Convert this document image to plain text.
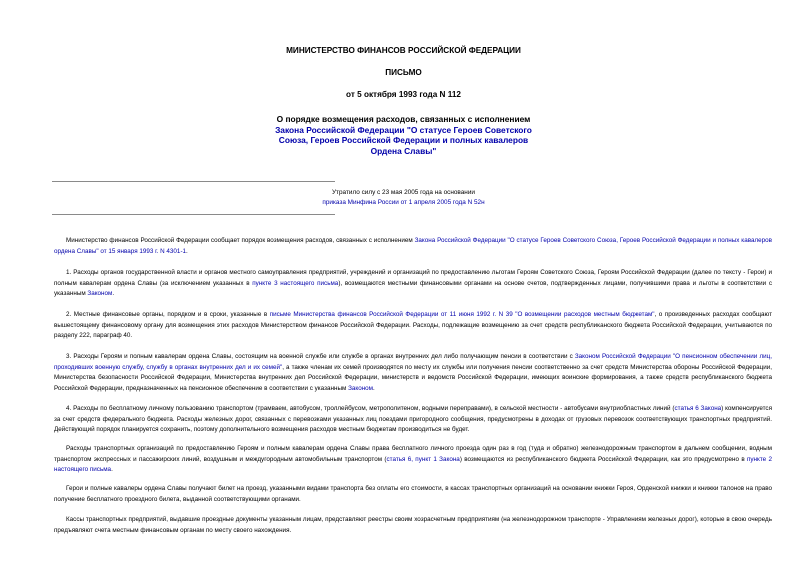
МИНИСТЕРСТВО ФИНАНСОВ РОССИЙСКОЙ ФЕДЕРАЦИИ
ПИСЬМО
от 5 октября 1993 года N 112
О порядке возмещения расходов, связанных с исполнением
Закона Российской Федерации "О статусе Героев Советского
Союза, Героев Российской Федерации и полных кавалеров
Ордена Славы"
Утратило силу с 23 мая 2005 года на основании
приказа Минфина России от 1 апреля 2005 года N 52н
Министерство финансов Российской Федерации сообщает порядок возмещения расходов, связанных с исполнением Закона Российской Федерации "О статусе Героев Советского Союза, Героев Российской Федерации и полных кавалеров ордена Славы" от 15 января 1993 г. N 4301-1.
1. Расходы органов государственной власти и органов местного самоуправления предприятий, учреждений и организаций по предоставлению льготам Героям Советского Союза, Героям Российской Федерации (далее по тексту - Герои) и полным кавалерам ордена Славы (за исключением указанных в пункте 3 настоящего письма), возмещаются местными финансовыми органами на основе счетов, подтвержденных лицами, получившими права и льготы в соответствии с указанным Законом.
2. Местные финансовые органы, порядком и в сроки, указанные в письме Министерства финансов Российской Федерации от 11 июня 1992 г. N 39 "О возмещении расходов местным бюджетам", о произведенных расходах сообщают вышестоящему финансовому органу для возмещения этих расходов Министерством финансов Российской Федерации. Расходы, подлежащие возмещению за счет средств республиканского бюджета Российской Федерации, учитываются по разделу 222, параграф 40.
3. Расходы Героям и полным кавалерам ордена Славы, состоящим на военной службе или службе в органах внутренних дел либо получающим пенсии в соответствии с Законом Российской Федерации "О пенсионном обеспечении лиц, проходивших военную службу, службу в органах внутренних дел и их семей", а также членам их семей производятся по месту их службы или получения пенсии соответственно за счет средств Министерства обороны Российской Федерации, Министерства безопасности Российской Федерации, Министерства внутренних дел Российской Федерации, министерств и ведомств Российской Федерации, имеющих воинские формирования, а также средств республиканского бюджета Российской Федерации, предназначенных на пенсионное обеспечение в соответствии с указанным Законом.
4. Расходы по бесплатному личному пользованию транспортом (трамваем, автобусом, троллейбусом, метрополитеном, водными переправами), в сельской местности - автобусами внутриобластных линий (статья 6 Закона) компенсируется за счет средств федерального бюджета. Расходы железных дорог, связанных с перевозками указанных лиц поездами пригородного сообщения, предусмотрены в доходах от грузовых перевозок соответствующих транспортных предприятий. Действующий порядок планируется сохранить, поэтому дополнительного возмещения расходов местным бюджетам производиться не будет.
Расходы транспортных организаций по предоставлению Героям и полным кавалерам ордена Славы права бесплатного личного проезда один раз в год (туда и обратно) железнодорожным транспортом в дальнем сообщении, водным транспортом экспрессных и пассажирских линий, воздушным и междугородным автомобильным транспортом (статья 6, пункт 1 Закона) возмещаются из республиканского бюджета Российской Федерации, как это предусмотрено в пункте 2 настоящего письма.
Герои и полные кавалеры ордена Славы получают билет на проезд, указанными видами транспорта без оплаты его стоимости, в кассах транспортных организаций на основании книжки Героя, Орденской книжки и книжки талонов на право получение бесплатного проездного билета, выданной соответствующими органами.
Кассы транспортных предприятий, выдавшие проездные документы указанным лицам, представляют реестры своим хозрасчетным предприятиям (на железнодорожном транспорте - Управлениям железных дорог), которые в свою очередь предъявляют счета местным финансовым органам по месту своего нахождения.
